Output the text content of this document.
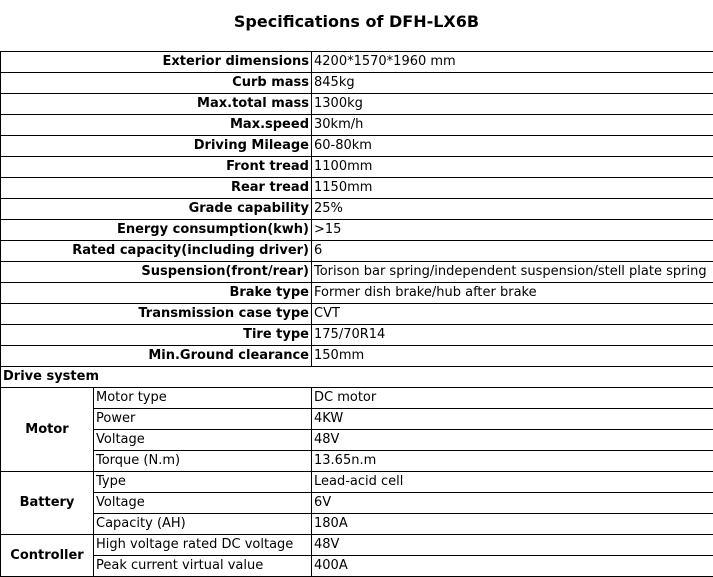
Specifications of DFH-LX6B
Exterior dimensions		4200*1570*1960 mm
Curb mass		845kg
Max.total mass		1300kg
Max.speed		30km/h
Driving Mileage		60-80km
Front tread		1100mm
Rear tread		1150mm
Grade capability		25%
Energy consumption(kwh)		>15
Rated capacity(including driver)		6
Suspension(front/rear)		Torison bar spring/independent suspension/stell plate spring
Brake type		Former dish brake/hub after brake
Transmission case type		CVT
Tire type		175/70R14
Min.Ground clearance		150mm
Drive system		
Motor	Motor type	DC motor
	Power	4KW
	Voltage	48V
	Torque (N.m)	13.65n.m
Battery	Type	Lead-acid cell
	Voltage	6V
	Capacity (AH)	180A
Controller	High voltage rated DC voltage	48V
	Peak current virtual value	400A
